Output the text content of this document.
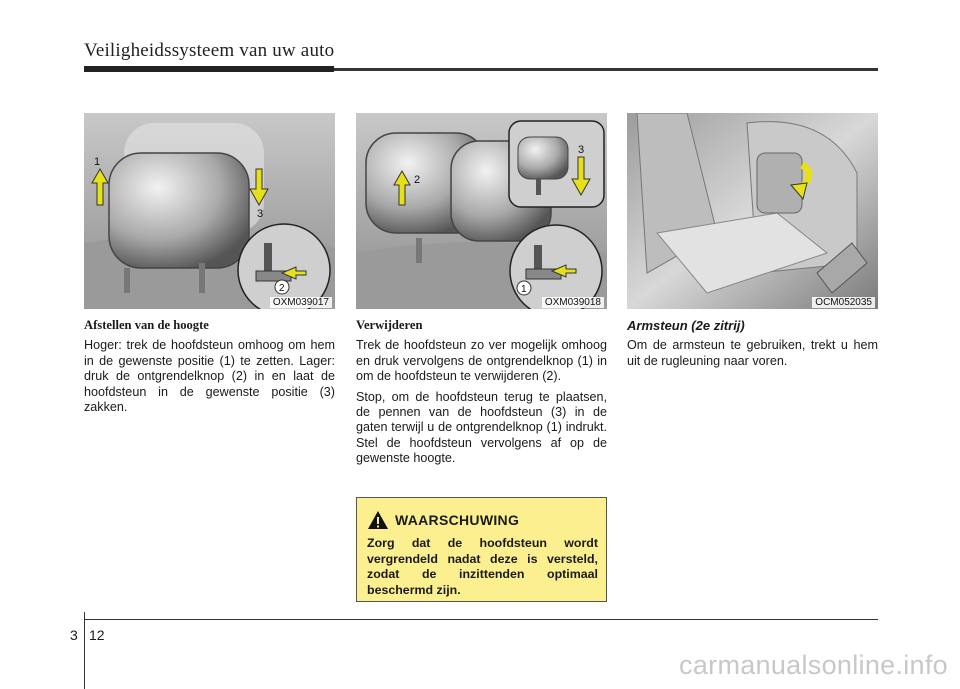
Veiligheidssysteem van uw auto
1
3
2
OXM039017
2
3
1
OXM039018	OCM052035
Afstellen van de hoogte

Hoger: trek de hoofdsteun omhoog om hem in de gewenste positie (1) te zetten. Lager: druk de ontgrendelknop (2) in en laat de hoofdsteun in de gewenste positie (3) zakken.

Verwijderen

Trek de hoofdsteun zo ver mogelijk omhoog en druk vervolgens de ontgrendelknop (1) in om de hoofdsteun te verwijderen (2).

Stop, om de hoofdsteun terug te plaatsen, de pennen van de hoofdsteun (3) in de gaten terwijl u de ontgrendelknop (1) indrukt. Stel de hoofdsteun vervolgens af op de gewenste hoogte.

Armsteun (2e zitrij)

Om de armsteun te gebruiken, trekt u hem uit de rugleuning naar voren.

WAARSCHUWING
Zorg dat de hoofdsteun wordt vergrendeld nadat deze is versteld, zodat de inzittenden optimaal beschermd zijn.
3 12
carmanualsonline.info
